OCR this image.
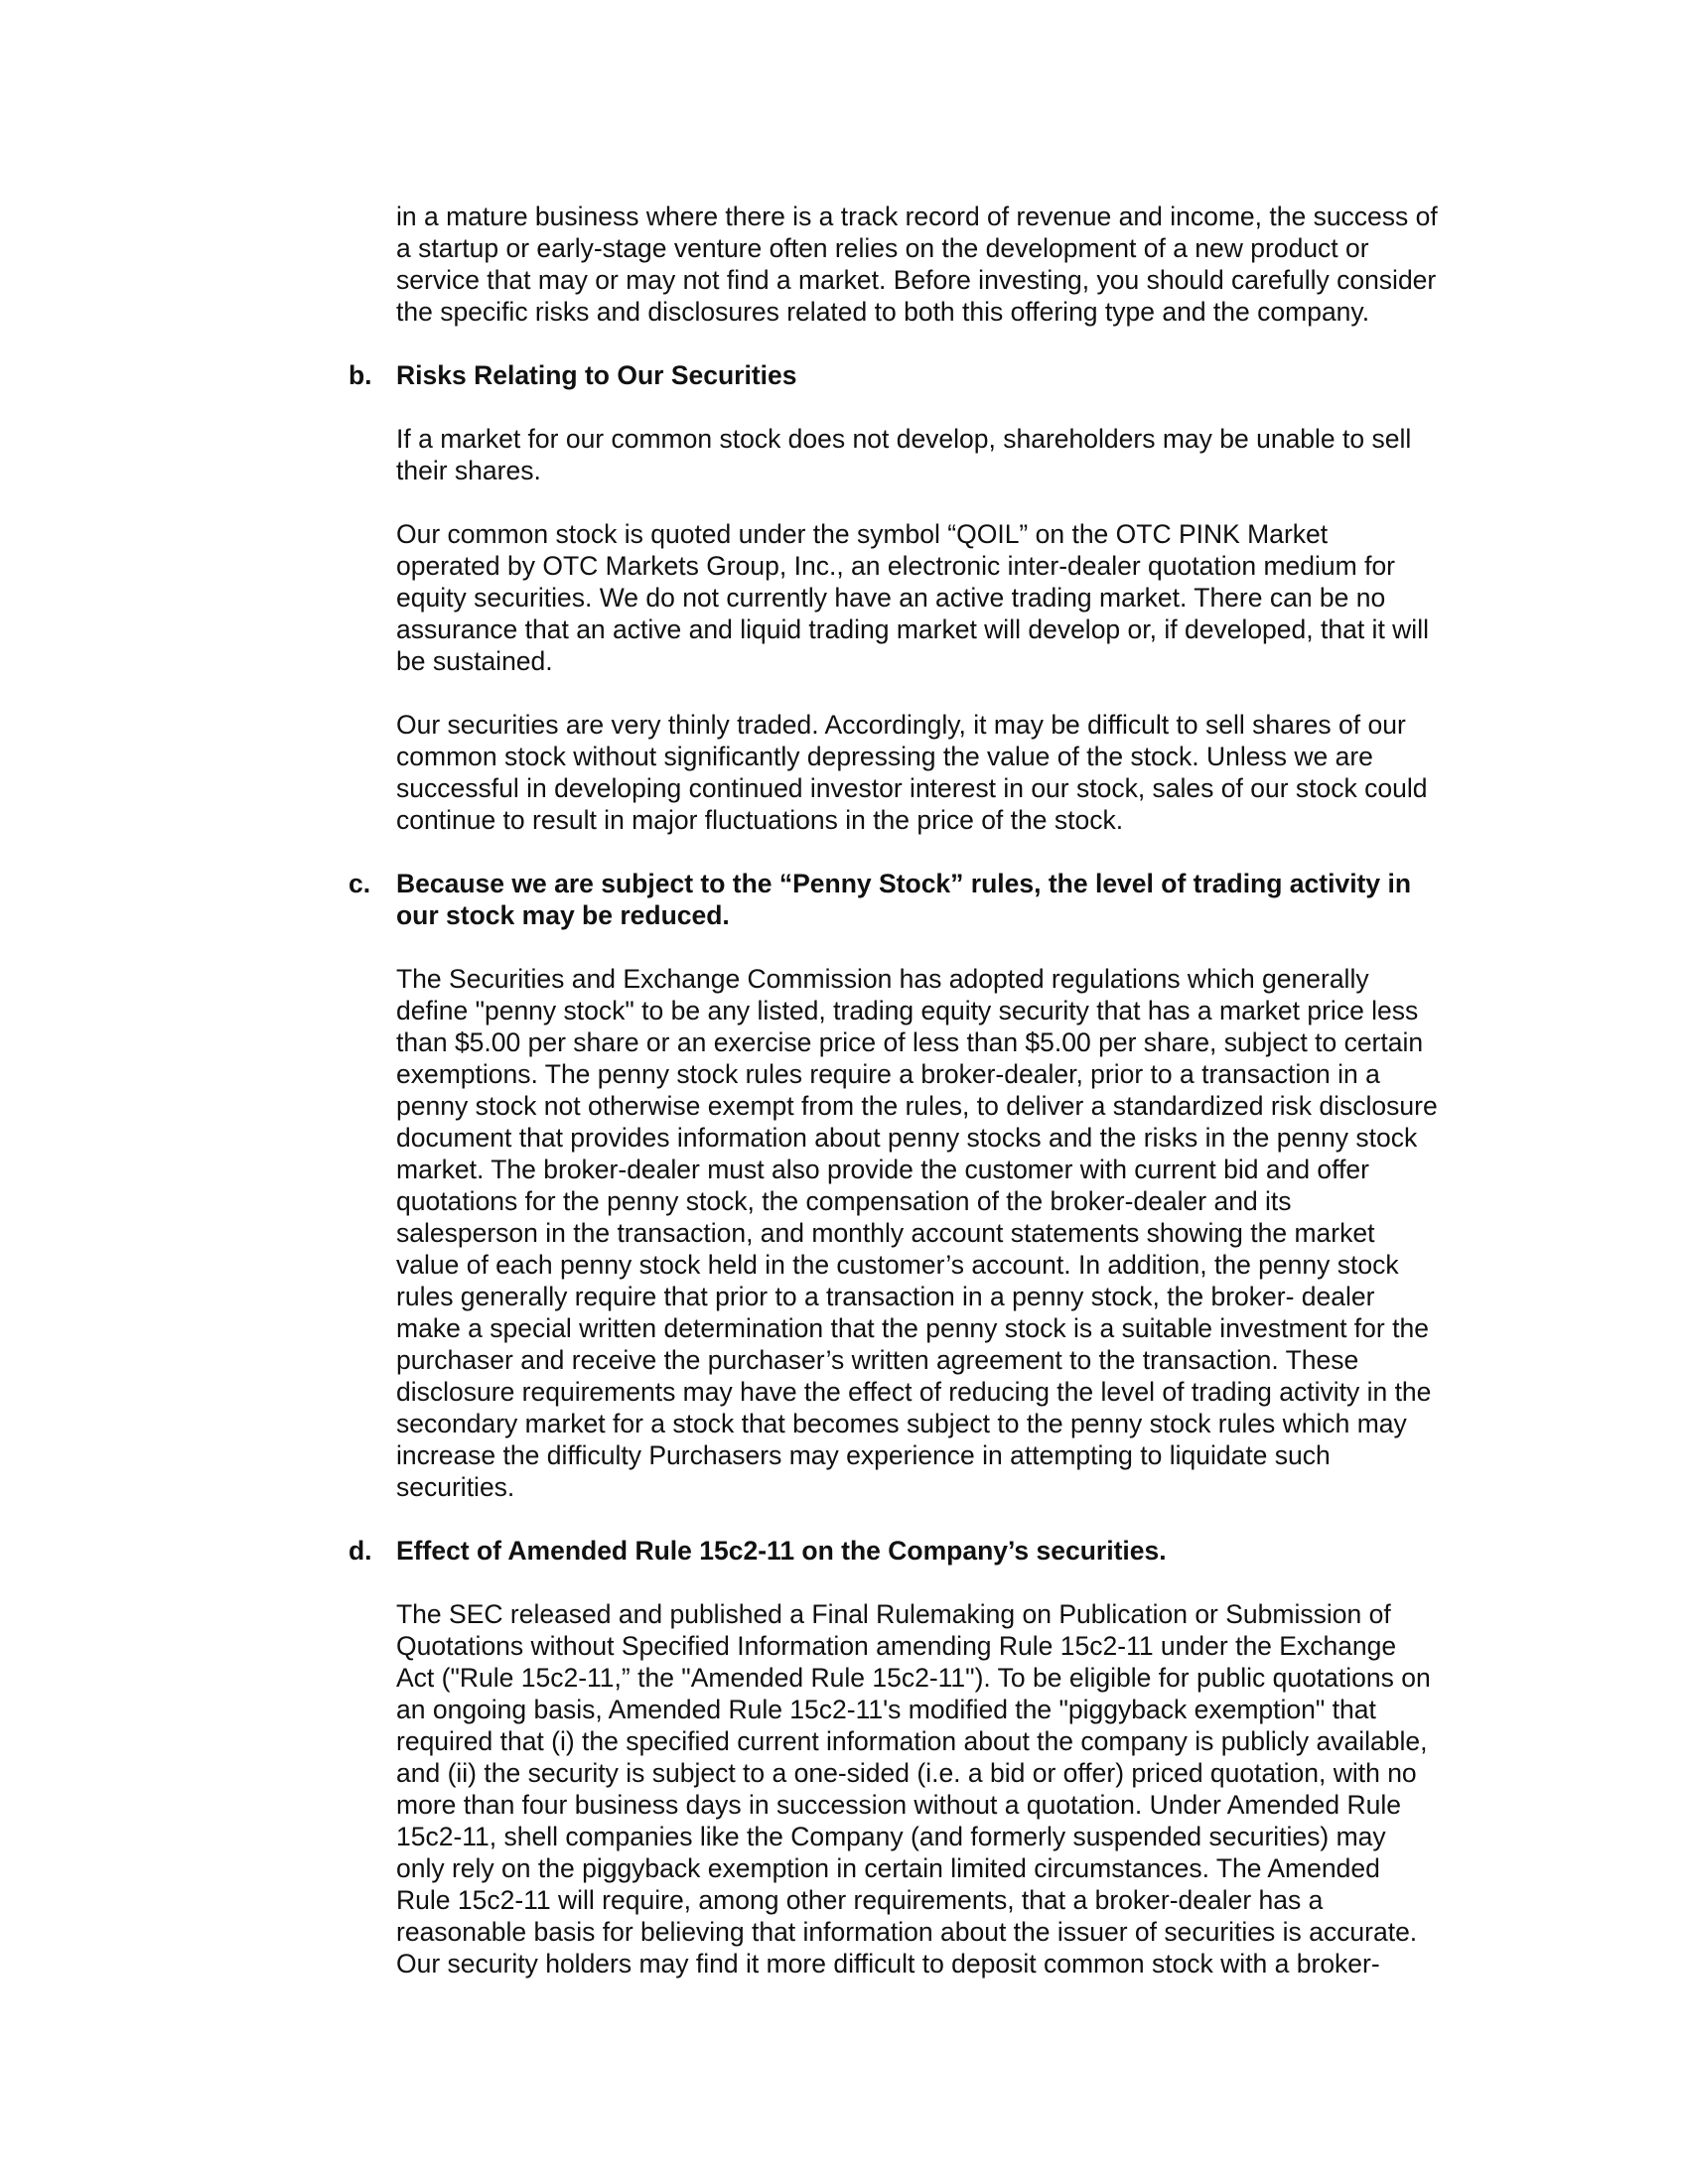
in a mature business where there is a track record of revenue and income, the success of
a startup or early-stage venture often relies on the development of a new product or
service that may or may not find a market. Before investing, you should carefully consider
the specific risks and disclosures related to both this offering type and the company.
b. Risks Relating to Our Securities
If a market for our common stock does not develop, shareholders may be unable to sell
their shares.
Our common stock is quoted under the symbol “QOIL” on the OTC PINK Market
operated by OTC Markets Group, Inc., an electronic inter-dealer quotation medium for
equity securities. We do not currently have an active trading market. There can be no
assurance that an active and liquid trading market will develop or, if developed, that it will
be sustained.
Our securities are very thinly traded. Accordingly, it may be difficult to sell shares of our
common stock without significantly depressing the value of the stock. Unless we are
successful in developing continued investor interest in our stock, sales of our stock could
continue to result in major fluctuations in the price of the stock.
c. Because we are subject to the “Penny Stock” rules, the level of trading activity in
our stock may be reduced.
The Securities and Exchange Commission has adopted regulations which generally
define "penny stock" to be any listed, trading equity security that has a market price less
than $5.00 per share or an exercise price of less than $5.00 per share, subject to certain
exemptions. The penny stock rules require a broker-dealer, prior to a transaction in a
penny stock not otherwise exempt from the rules, to deliver a standardized risk disclosure
document that provides information about penny stocks and the risks in the penny stock
market. The broker-dealer must also provide the customer with current bid and offer
quotations for the penny stock, the compensation of the broker-dealer and its
salesperson in the transaction, and monthly account statements showing the market
value of each penny stock held in the customer’s account. In addition, the penny stock
rules generally require that prior to a transaction in a penny stock, the broker- dealer
make a special written determination that the penny stock is a suitable investment for the
purchaser and receive the purchaser’s written agreement to the transaction. These
disclosure requirements may have the effect of reducing the level of trading activity in the
secondary market for a stock that becomes subject to the penny stock rules which may
increase the difficulty Purchasers may experience in attempting to liquidate such
securities.
d. Effect of Amended Rule 15c2-11 on the Company’s securities.
The SEC released and published a Final Rulemaking on Publication or Submission of
Quotations without Specified Information amending Rule 15c2-11 under the Exchange
Act ("Rule 15c2-11,” the "Amended Rule 15c2-11"). To be eligible for public quotations on
an ongoing basis, Amended Rule 15c2-11's modified the "piggyback exemption" that
required that (i) the specified current information about the company is publicly available,
and (ii) the security is subject to a one-sided (i.e. a bid or offer) priced quotation, with no
more than four business days in succession without a quotation. Under Amended Rule
15c2-11, shell companies like the Company (and formerly suspended securities) may
only rely on the piggyback exemption in certain limited circumstances. The Amended
Rule 15c2-11 will require, among other requirements, that a broker-dealer has a
reasonable basis for believing that information about the issuer of securities is accurate.
Our security holders may find it more difficult to deposit common stock with a broker-
